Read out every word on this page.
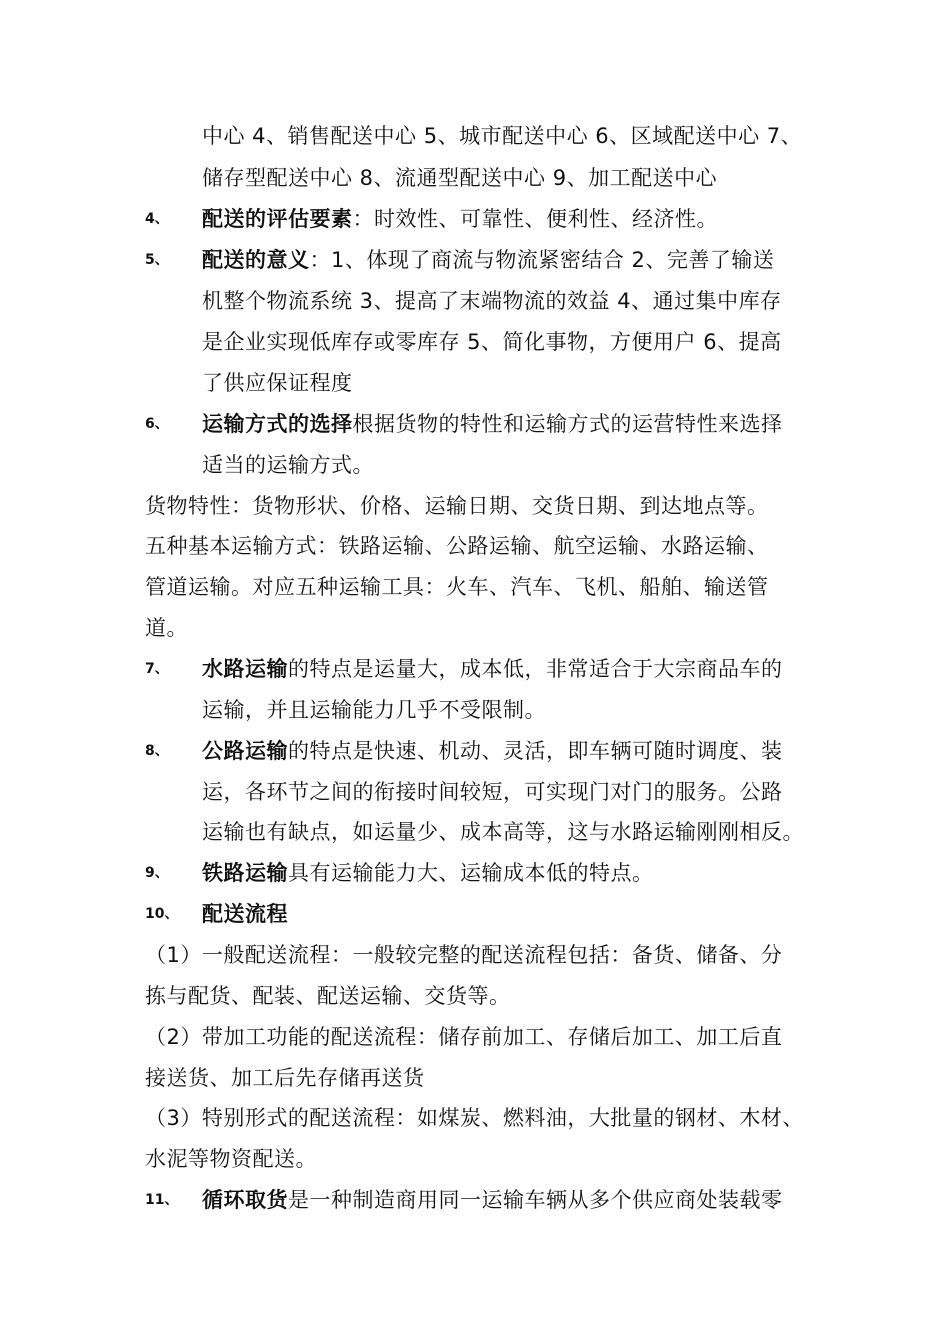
中心 4、销售配送中心 5、城市配送中心 6、区域配送中心 7、
储存型配送中心 8、流通型配送中心 9、加工配送中心
4、 配送的评估要素：时效性、可靠性、便利性、经济性。
5、 配送的意义：1、体现了商流与物流紧密结合 2、完善了输送
机整个物流系统 3、提高了末端物流的效益 4、通过集中库存
是企业实现低库存或零库存 5、简化事物，方便用户 6、提高
了供应保证程度
6、 运输方式的选择根据货物的特性和运输方式的运营特性来选择
适当的运输方式。
货物特性：货物形状、价格、运输日期、交货日期、到达地点等。
五种基本运输方式：铁路运输、公路运输、航空运输、水路运输、
管道运输。对应五种运输工具：火车、汽车、飞机、船舶、输送管
道。
7、 水路运输的特点是运量大，成本低，非常适合于大宗商品车的
运输，并且运输能力几乎不受限制。
8、 公路运输的特点是快速、机动、灵活，即车辆可随时调度、装
运，各环节之间的衔接时间较短，可实现门对门的服务。公路
运输也有缺点，如运量少、成本高等，这与水路运输刚刚相反。
9、 铁路运输具有运输能力大、运输成本低的特点。
10、 配送流程
（1）一般配送流程：一般较完整的配送流程包括：备货、储备、分
拣与配货、配装、配送运输、交货等。
（2）带加工功能的配送流程：储存前加工、存储后加工、加工后直
接送货、加工后先存储再送货
（3）特别形式的配送流程：如煤炭、燃料油，大批量的钢材、木材、
水泥等物资配送。
11、 循环取货是一种制造商用同一运输车辆从多个供应商处装载零
